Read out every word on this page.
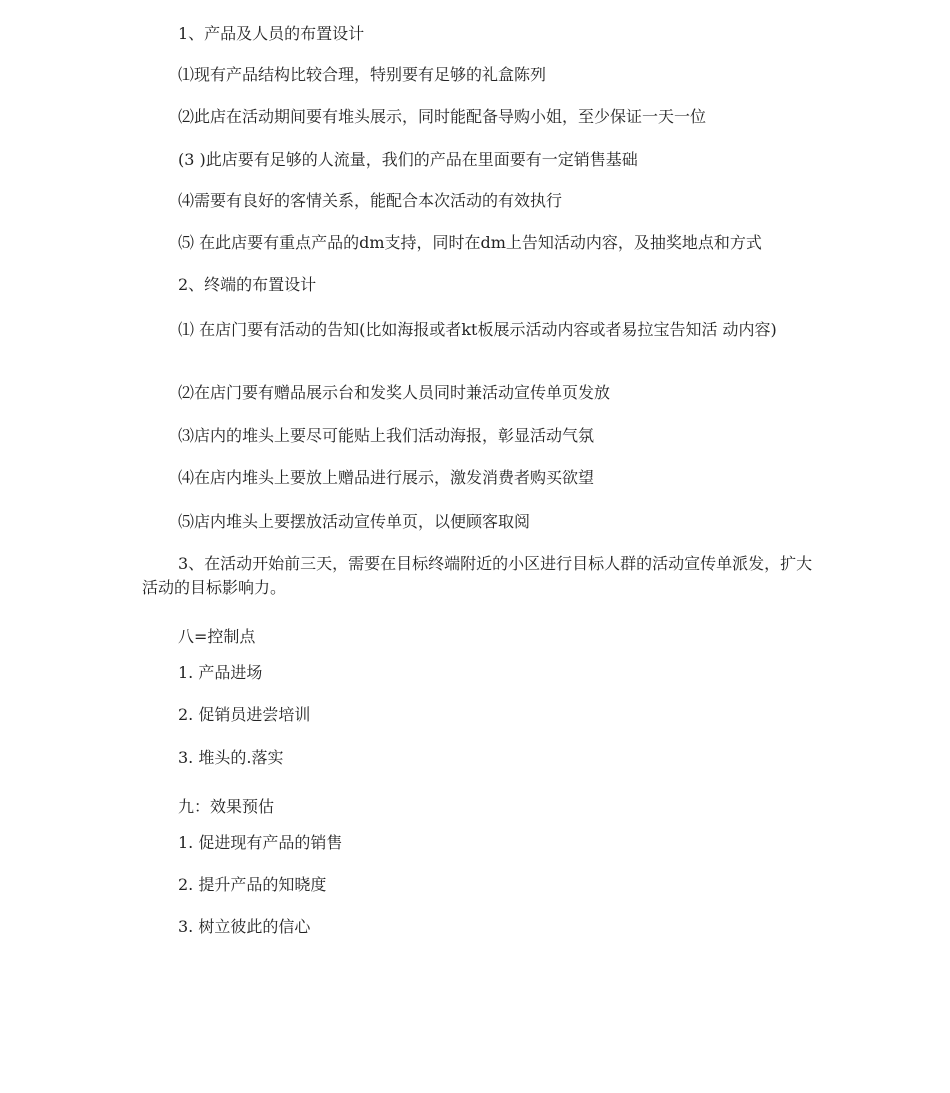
1、产品及人员的布置设计
⑴现有产品结构比较合理，特别要有足够的礼盒陈列
⑵此店在活动期间要有堆头展示，同时能配备导购小姐，至少保证一天一位
(3 )此店要有足够的人流量，我们的产品在里面要有一定销售基础
⑷需要有良好的客情关系，能配合本次活动的有效执行
⑸ 在此店要有重点产品的dm支持，同时在dm上告知活动内容，及抽奖地点和方式
2、终端的布置设计
⑴ 在店门要有活动的告知(比如海报或者kt板展示活动内容或者易拉宝告知活 动内容)
⑵在店门要有赠品展示台和发奖人员同时兼活动宣传单页发放
⑶店内的堆头上要尽可能贴上我们活动海报，彰显活动气氛
⑷在店内堆头上要放上赠品进行展示，激发消费者购买欲望
⑸店内堆头上要摆放活动宣传单页，以便顾客取阅
3、在活动开始前三天，需要在目标终端附近的小区进行目标人群的活动宣传单派发，扩大活动的目标影响力。
八=控制点
1. 产品进场
2. 促销员进尝培训
3. 堆头的.落实
九：效果预估
1. 促进现有产品的销售
2. 提升产品的知晓度
3. 树立彼此的信心
